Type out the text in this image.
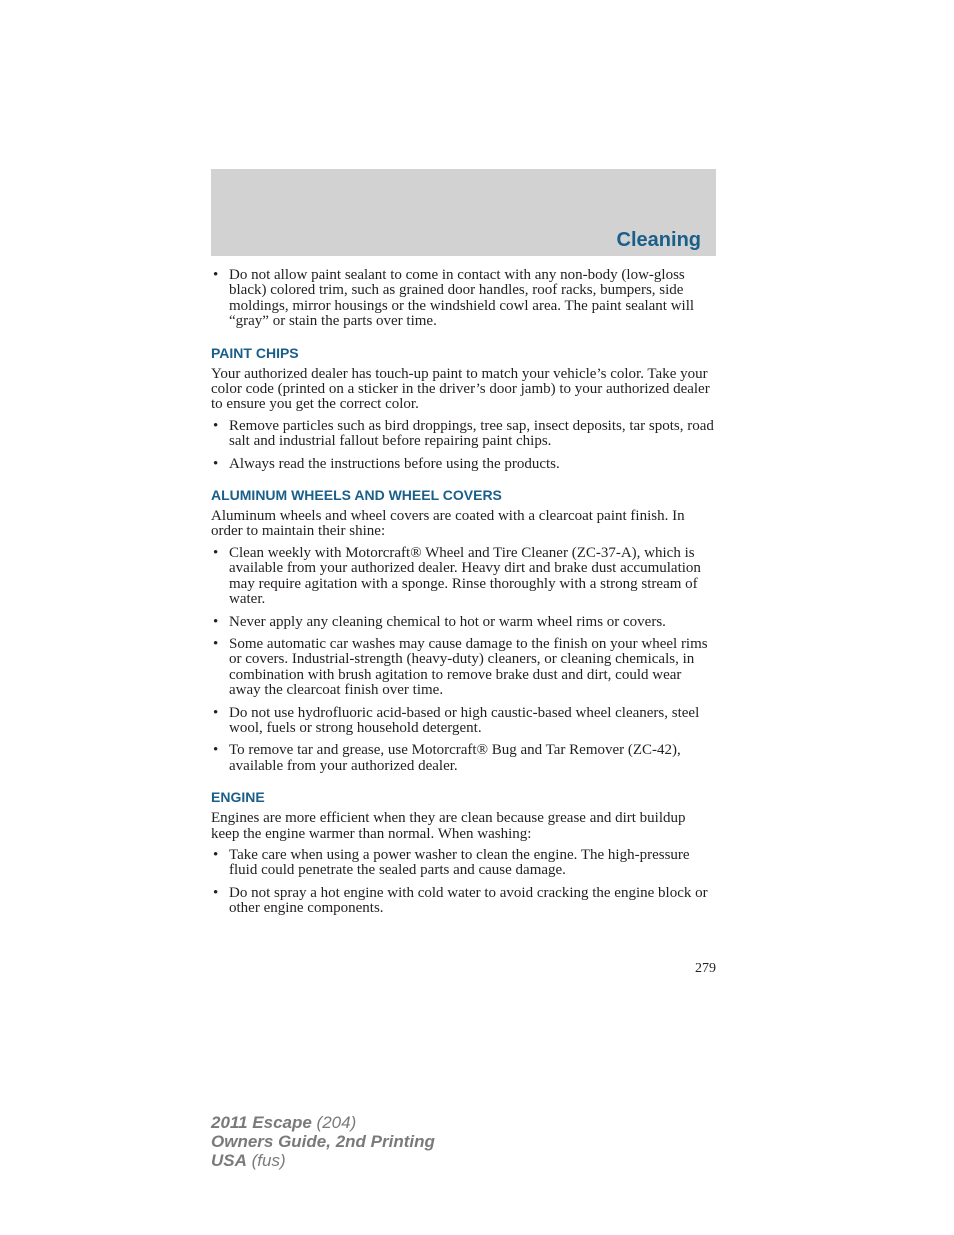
Cleaning
• Do not allow paint sealant to come in contact with any non-body (low-gloss black) colored trim, such as grained door handles, roof racks, bumpers, side moldings, mirror housings or the windshield cowl area. The paint sealant will “gray” or stain the parts over time.
PAINT CHIPS
Your authorized dealer has touch-up paint to match your vehicle’s color. Take your color code (printed on a sticker in the driver’s door jamb) to your authorized dealer to ensure you get the correct color.
• Remove particles such as bird droppings, tree sap, insect deposits, tar spots, road salt and industrial fallout before repairing paint chips.
• Always read the instructions before using the products.
ALUMINUM WHEELS AND WHEEL COVERS
Aluminum wheels and wheel covers are coated with a clearcoat paint finish. In order to maintain their shine:
• Clean weekly with Motorcraft® Wheel and Tire Cleaner (ZC-37-A), which is available from your authorized dealer. Heavy dirt and brake dust accumulation may require agitation with a sponge. Rinse thoroughly with a strong stream of water.
• Never apply any cleaning chemical to hot or warm wheel rims or covers.
• Some automatic car washes may cause damage to the finish on your wheel rims or covers. Industrial-strength (heavy-duty) cleaners, or cleaning chemicals, in combination with brush agitation to remove brake dust and dirt, could wear away the clearcoat finish over time.
• Do not use hydrofluoric acid-based or high caustic-based wheel cleaners, steel wool, fuels or strong household detergent.
• To remove tar and grease, use Motorcraft® Bug and Tar Remover (ZC-42), available from your authorized dealer.
ENGINE
Engines are more efficient when they are clean because grease and dirt buildup keep the engine warmer than normal. When washing:
• Take care when using a power washer to clean the engine. The high-pressure fluid could penetrate the sealed parts and cause damage.
• Do not spray a hot engine with cold water to avoid cracking the engine block or other engine components.
279
2011 Escape (204)
Owners Guide, 2nd Printing
USA (fus)
